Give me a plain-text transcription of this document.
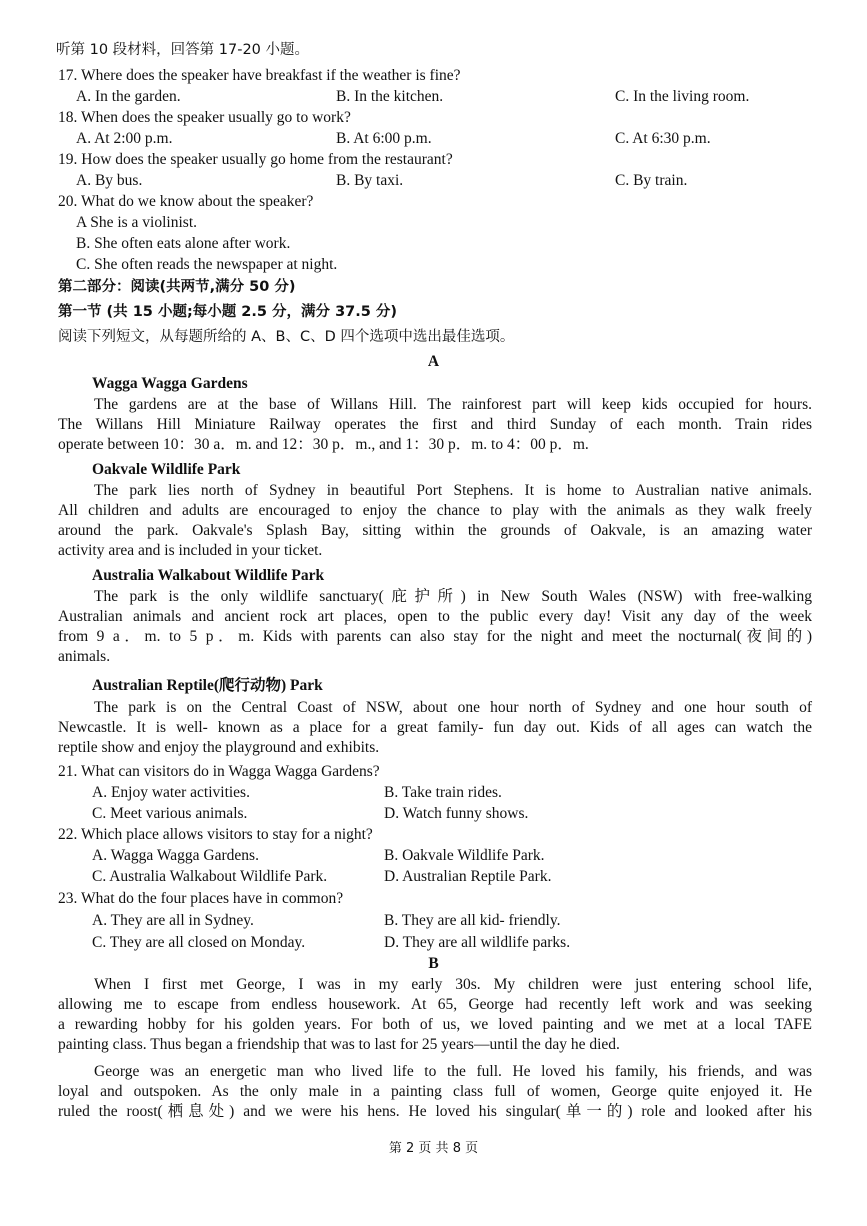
听第 10 段材料，回答第 17-20 小题。
17. Where does the speaker have breakfast if the weather is fine?
A. In the garden.	B. In the kitchen.	C. In the living room.
18. When does the speaker usually go to work?
A. At 2:00 p.m.	B. At 6:00 p.m.	C. At 6:30 p.m.
19. How does the speaker usually go home from the restaurant?
A. By bus.	B. By taxi.	C. By train.
20. What do we know about the speaker?
A She is a violinist.
B. She often eats alone after work.
C. She often reads the newspaper at night.
第二部分：阅读(共两节,满分 50 分)
第一节 (共 15 小题;每小题 2.5 分，满分 37.5 分)
阅读下列短文，从每题所给的 A、B、C、D 四个选项中选出最佳选项。
A
Wagga Wagga Gardens
The gardens are at the base of Willans Hill. The rainforest part will keep kids occupied for hours.
The Willans Hill Miniature Railway operates the first and third Sunday of each month. Train rides
operate between 10：30 a．m. and 12：30 p．m., and 1：30 p．m. to 4：00 p．m.
Oakvale Wildlife Park
The park lies north of Sydney in beautiful Port Stephens. It is home to Australian native animals.
All children and adults are encouraged to enjoy the chance to play with the animals as they walk freely
around the park. Oakvale's Splash Bay, sitting within the grounds of Oakvale, is an amazing water
activity area and is included in your ticket.
Australia Walkabout Wildlife Park
The park is the only wildlife sanctuary(庇护所) in New South Wales (NSW) with free-walking
Australian animals and ancient rock art places, open to the public every day! Visit any day of the week
from 9 a．m. to 5 p．m. Kids with parents can also stay for the night and meet the nocturnal(夜间的)
animals.
Australian Reptile(爬行动物) Park
The park is on the Central Coast of NSW, about one hour north of Sydney and one hour south of
Newcastle. It is well- known as a place for a great family- fun day out. Kids of all ages can watch the
reptile show and enjoy the playground and exhibits.
21. What can visitors do in Wagga Wagga Gardens?
A. Enjoy water activities.	B. Take train rides.
C. Meet various animals.	D. Watch funny shows.
22. Which place allows visitors to stay for a night?
A. Wagga Wagga Gardens.	B. Oakvale Wildlife Park.
C. Australia Walkabout Wildlife Park.	D. Australian Reptile Park.
23. What do the four places have in common?
A. They are all in Sydney.	B. They are all kid- friendly.
C. They are all closed on Monday.	D. They are all wildlife parks.
B
When I first met George, I was in my early 30s. My children were just entering school life,
allowing me to escape from endless housework. At 65, George had recently left work and was seeking
a rewarding hobby for his golden years. For both of us, we loved painting and we met at a local TAFE
painting class. Thus began a friendship that was to last for 25 years—until the day he died.
George was an energetic man who lived life to the full. He loved his family, his friends, and was
loyal and outspoken. As the only male in a painting class full of women, George quite enjoyed it. He
ruled the roost(栖息处) and we were his hens. He loved his singular(单一的) role and looked after his
第 2 页 共 8 页
